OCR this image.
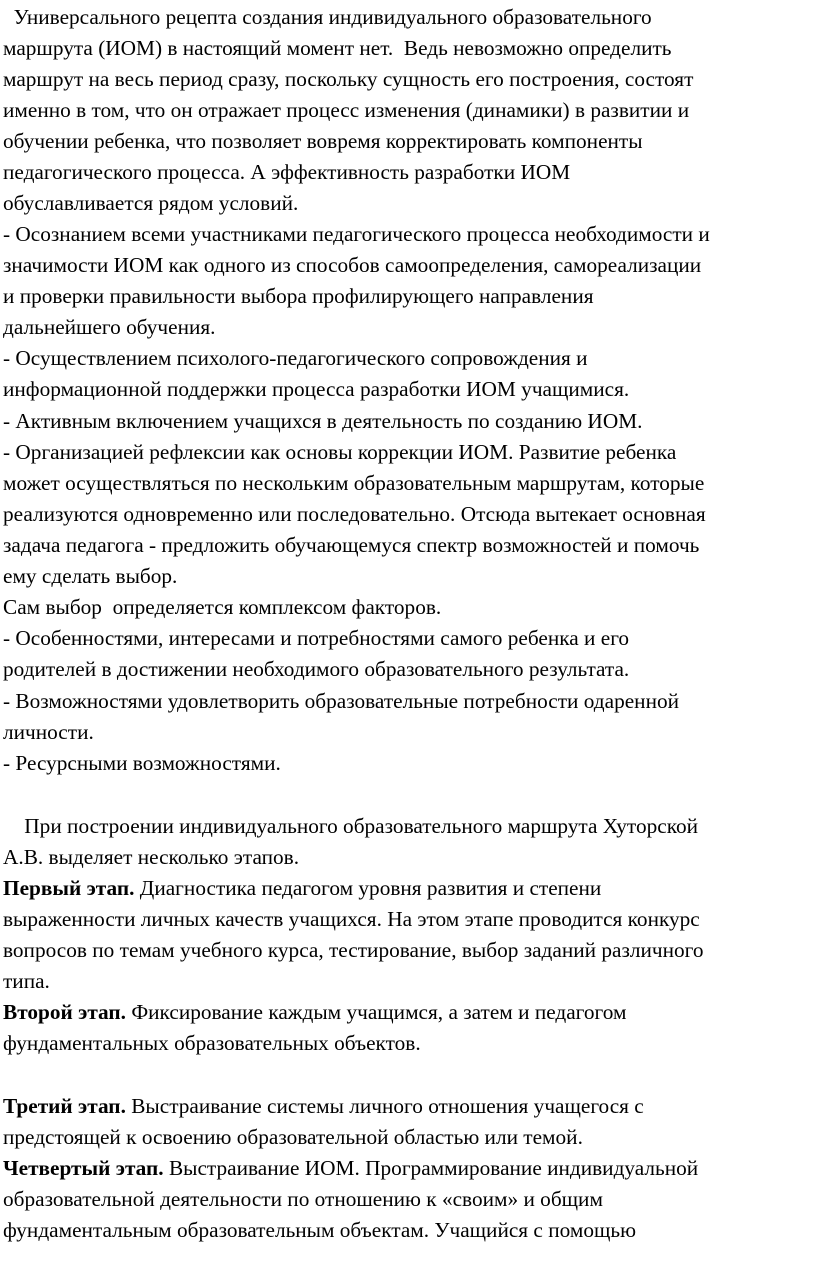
Универсального рецепта создания индивидуального образовательного
маршрута (ИОМ) в настоящий момент нет.  Ведь невозможно определить
маршрут на весь период сразу, поскольку сущность его построения, состоят
именно в том, что он отражает процесс изменения (динамики) в развитии и
обучении ребенка, что позволяет вовремя корректировать компоненты
педагогического процесса. А эффективность разработки ИОМ
обуславливается рядом условий.
- Осознанием всеми участниками педагогического процесса необходимости и
значимости ИОМ как одного из способов самоопределения, самореализации
и проверки правильности выбора профилирующего направления
дальнейшего обучения.
- Осуществлением психолого-педагогического сопровождения и
информационной поддержки процесса разработки ИОМ учащимися.
- Активным включением учащихся в деятельность по созданию ИОМ.
- Организацией рефлексии как основы коррекции ИОМ. Развитие ребенка
может осуществляться по нескольким образовательным маршрутам, которые
реализуются одновременно или последовательно. Отсюда вытекает основная
задача педагога - предложить обучающемуся спектр возможностей и помочь
ему сделать выбор.
Сам выбор  определяется комплексом факторов.
- Особенностями, интересами и потребностями самого ребенка и его
родителей в достижении необходимого образовательного результата.
- Возможностями удовлетворить образовательные потребности одаренной
личности.
- Ресурсными возможностями.
При построении индивидуального образовательного маршрута Хуторской
А.В. выделяет несколько этапов.
Первый этап. Диагностика педагогом уровня развития и степени
выраженности личных качеств учащихся. На этом этапе проводится конкурс
вопросов по темам учебного курса, тестирование, выбор заданий различного
типа.
Второй этап. Фиксирование каждым учащимся, а затем и педагогом
фундаментальных образовательных объектов.
Третий этап. Выстраивание системы личного отношения учащегося с
предстоящей к освоению образовательной областью или темой.
Четвертый этап. Выстраивание ИОМ. Программирование индивидуальной
образовательной деятельности по отношению к «своим» и общим
фундаментальным образовательным объектам. Учащийся с помощью
